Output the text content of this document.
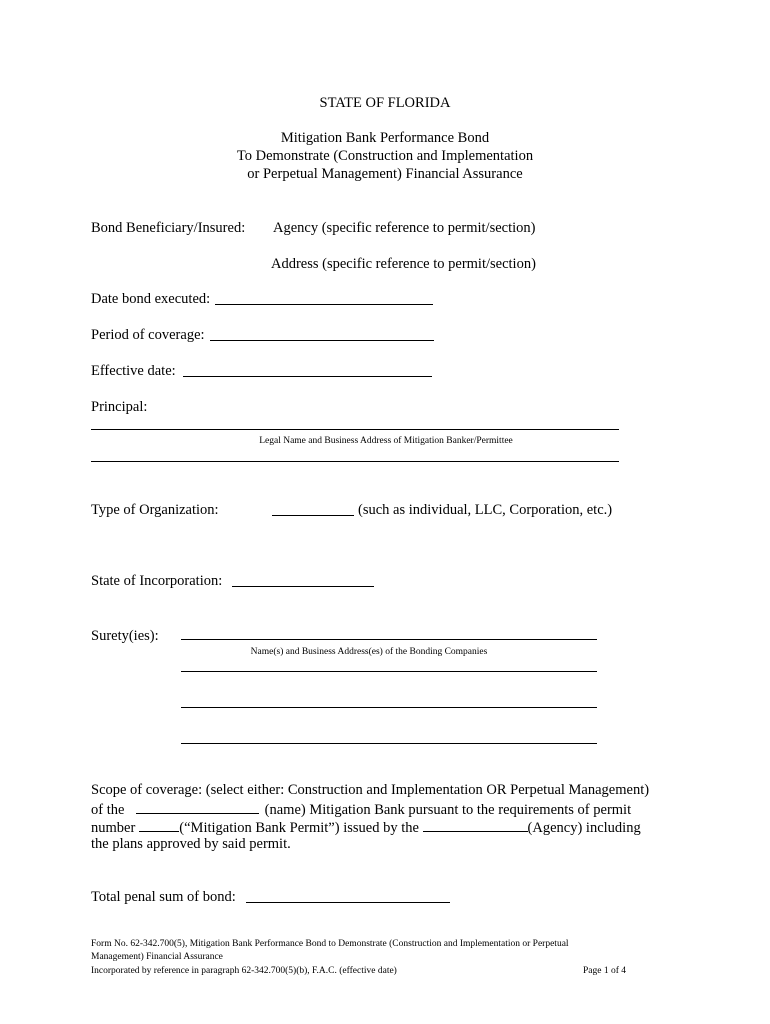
STATE OF FLORIDA
Mitigation Bank Performance Bond
To Demonstrate (Construction and Implementation
or Perpetual Management) Financial Assurance
Bond Beneficiary/Insured: Agency (specific reference to permit/section)
Address (specific reference to permit/section)
Date bond executed:
Period of coverage:
Effective date:
Principal:
Legal Name and Business Address of Mitigation Banker/Permittee
Type of Organization:	(such as individual, LLC, Corporation, etc.)
State of Incorporation:
Surety(ies):
Name(s) and Business Address(es) of the Bonding Companies
Scope of coverage: (select either: Construction and Implementation OR Perpetual Management)
of the	(name) Mitigation Bank pursuant to the requirements of permit
number	(“Mitigation Bank Permit”) issued by the	(Agency) including
the plans approved by said permit.
Total penal sum of bond:
Form No. 62-342.700(5), Mitigation Bank Performance Bond to Demonstrate (Construction and Implementation or Perpetual
Management) Financial Assurance
Incorporated by reference in paragraph 62-342.700(5)(b), F.A.C. (effective date)	Page 1 of 4
